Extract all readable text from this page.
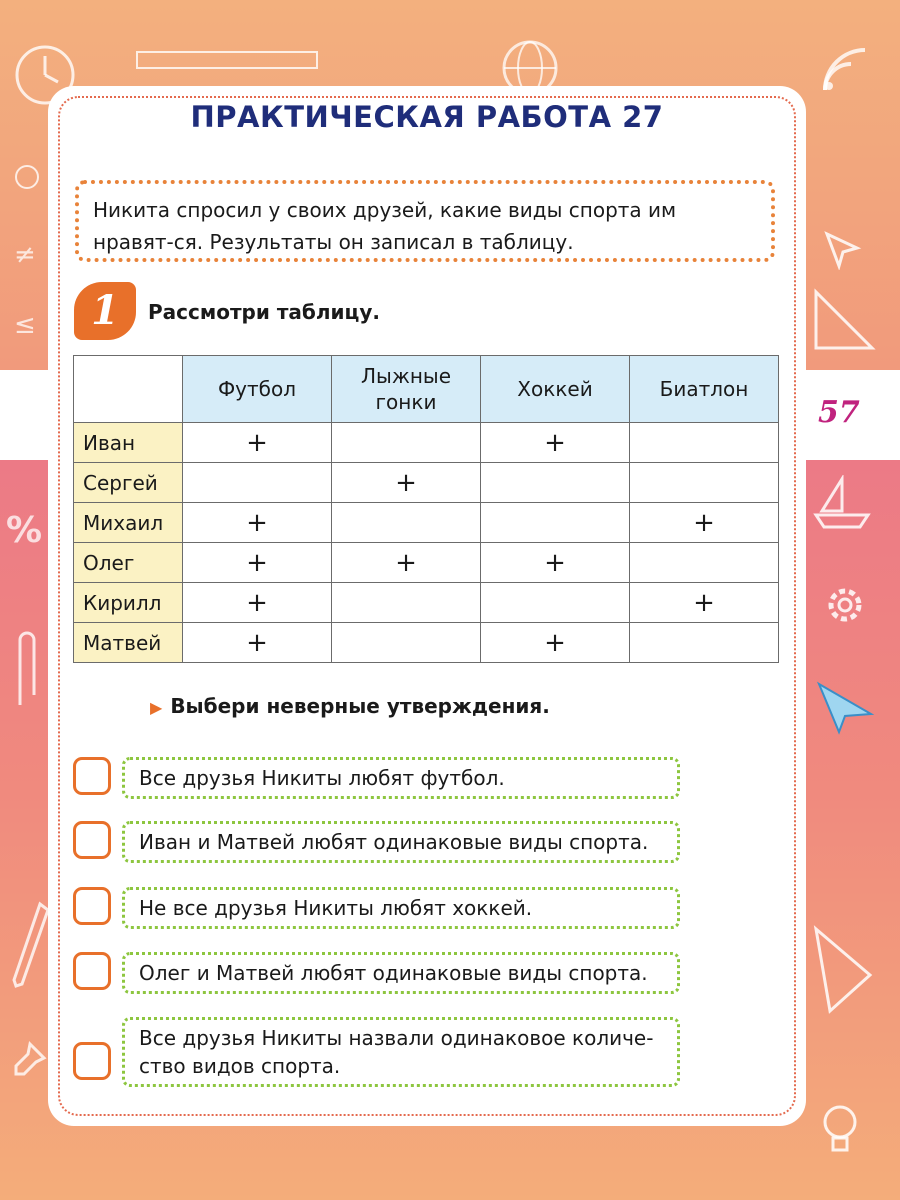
≠
≤
%
57
ПРАКТИЧЕСКАЯ РАБОТА 27
Никита спросил у своих друзей, какие виды спорта им нравят-ся. Результаты он записал в таблицу.
1	Рассмотри таблицу.
	Футбол	Лыжные гонки	Хоккей	Биатлон
Иван	+		+	
Сергей		+		
Михаил	+			+
Олег	+	+	+	
Кирилл	+			+
Матвей	+		+	
▶ Выбери неверные утверждения.
Все друзья Никиты любят футбол.
Иван и Матвей любят одинаковые виды спорта.
Не все друзья Никиты любят хоккей.
Олег и Матвей любят одинаковые виды спорта.
Все друзья Никиты назвали одинаковое количе-ство видов спорта.
